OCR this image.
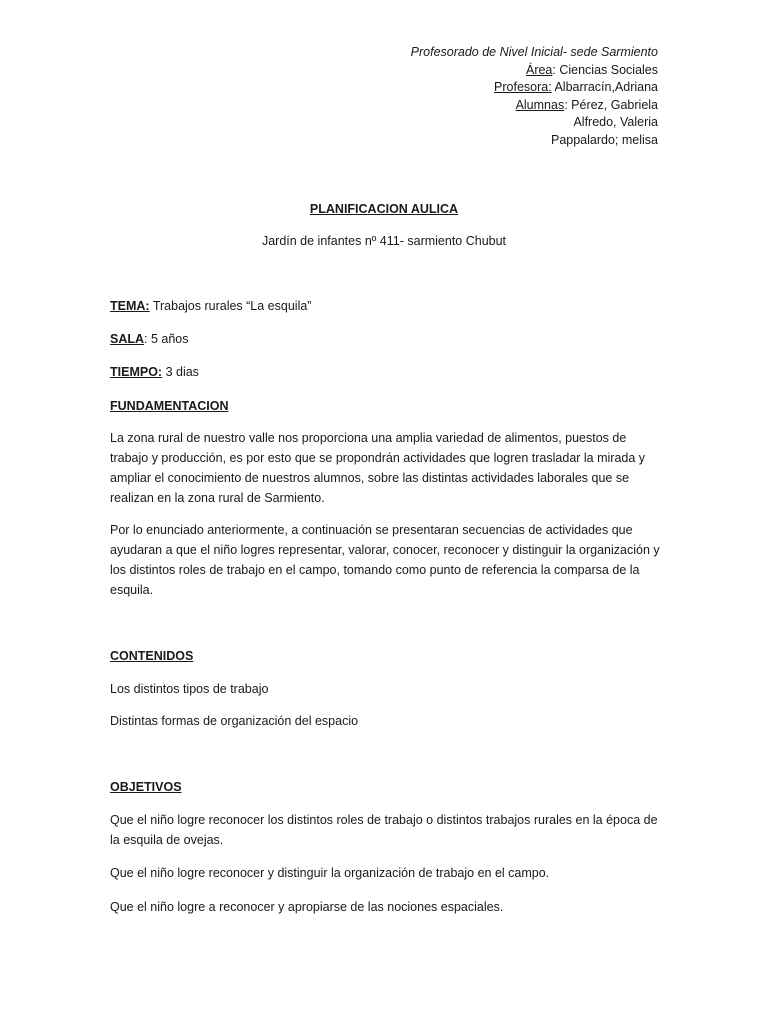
Profesorado de Nivel Inicial- sede Sarmiento
Área: Ciencias Sociales
Profesora: Albarracín,Adriana
Alumnas: Pérez, Gabriela
Alfredo, Valeria
Pappalardo; melisa
PLANIFICACION AULICA
Jardín de infantes nº 411- sarmiento Chubut
TEMA: Trabajos rurales “La esquila”
SALA: 5 años
TIEMPO: 3 dias
FUNDAMENTACION
La zona rural de nuestro valle nos proporciona una amplia variedad de alimentos, puestos de trabajo y producción, es por esto que se propondrán actividades que logren trasladar la mirada y ampliar el conocimiento de nuestros alumnos, sobre las distintas actividades laborales que se realizan en la zona rural de Sarmiento.
Por lo enunciado anteriormente, a continuación se presentaran secuencias de actividades que ayudaran a que el niño logres representar, valorar, conocer, reconocer y distinguir la organización y los distintos roles de trabajo en el campo, tomando como punto de referencia la comparsa de la esquila.
CONTENIDOS
Los distintos tipos de trabajo
Distintas formas de organización del espacio
OBJETIVOS
Que el niño logre reconocer los distintos roles de trabajo o distintos trabajos rurales en la época de la esquila de ovejas.
Que el niño logre reconocer y distinguir la organización de trabajo en el campo.
Que el niño logre a reconocer y apropiarse de las nociones espaciales.
